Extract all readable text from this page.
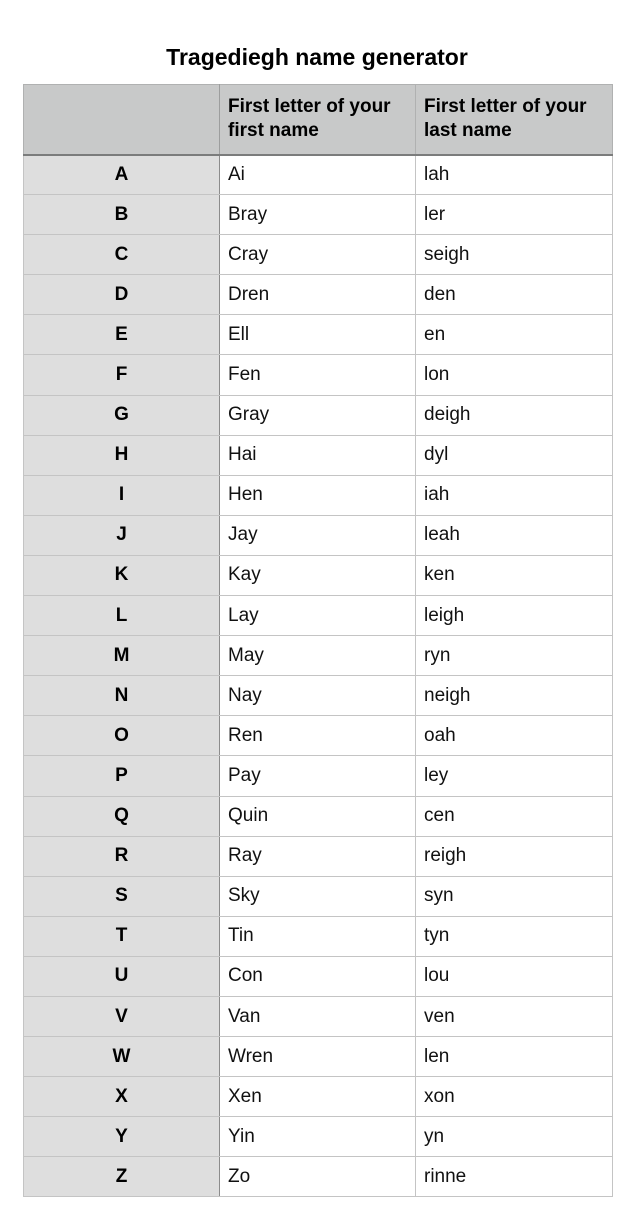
Tragediegh name generator
	First letter of your first name	First letter of your last name
A	Ai	lah
B	Bray	ler
C	Cray	seigh
D	Dren	den
E	Ell	en
F	Fen	lon
G	Gray	deigh
H	Hai	dyl
I	Hen	iah
J	Jay	leah
K	Kay	ken
L	Lay	leigh
M	May	ryn
N	Nay	neigh
O	Ren	oah
P	Pay	ley
Q	Quin	cen
R	Ray	reigh
S	Sky	syn
T	Tin	tyn
U	Con	lou
V	Van	ven
W	Wren	len
X	Xen	xon
Y	Yin	yn
Z	Zo	rinne
